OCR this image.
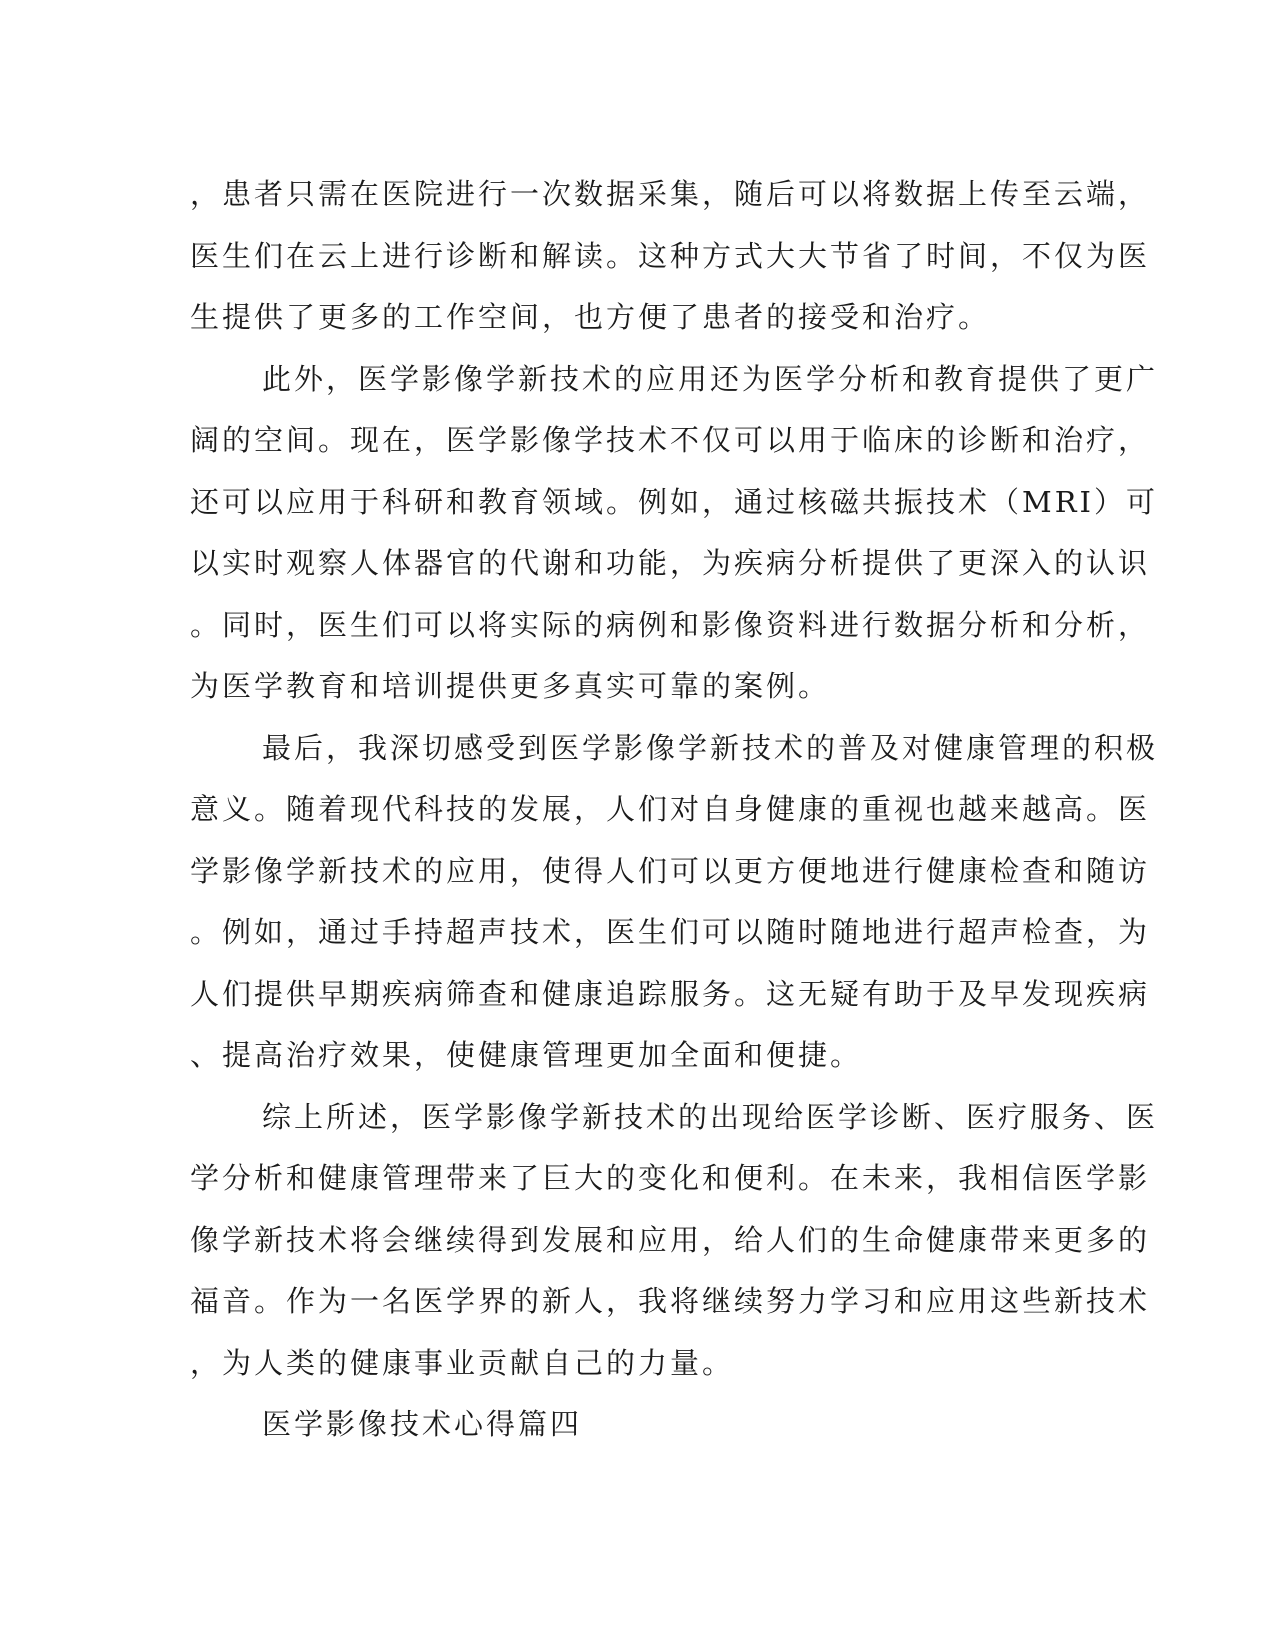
，患者只需在医院进行一次数据采集，随后可以将数据上传至云端，
医生们在云上进行诊断和解读。这种方式大大节省了时间，不仅为医
生提供了更多的工作空间，也方便了患者的接受和治疗。
此外，医学影像学新技术的应用还为医学分析和教育提供了更广
阔的空间。现在，医学影像学技术不仅可以用于临床的诊断和治疗，
还可以应用于科研和教育领域。例如，通过核磁共振技术（MRI）可
以实时观察人体器官的代谢和功能，为疾病分析提供了更深入的认识
。同时，医生们可以将实际的病例和影像资料进行数据分析和分析，
为医学教育和培训提供更多真实可靠的案例。
最后，我深切感受到医学影像学新技术的普及对健康管理的积极
意义。随着现代科技的发展，人们对自身健康的重视也越来越高。医
学影像学新技术的应用，使得人们可以更方便地进行健康检查和随访
。例如，通过手持超声技术，医生们可以随时随地进行超声检查，为
人们提供早期疾病筛查和健康追踪服务。这无疑有助于及早发现疾病
、提高治疗效果，使健康管理更加全面和便捷。
综上所述，医学影像学新技术的出现给医学诊断、医疗服务、医
学分析和健康管理带来了巨大的变化和便利。在未来，我相信医学影
像学新技术将会继续得到发展和应用，给人们的生命健康带来更多的
福音。作为一名医学界的新人，我将继续努力学习和应用这些新技术
，为人类的健康事业贡献自己的力量。
医学影像技术心得篇四
